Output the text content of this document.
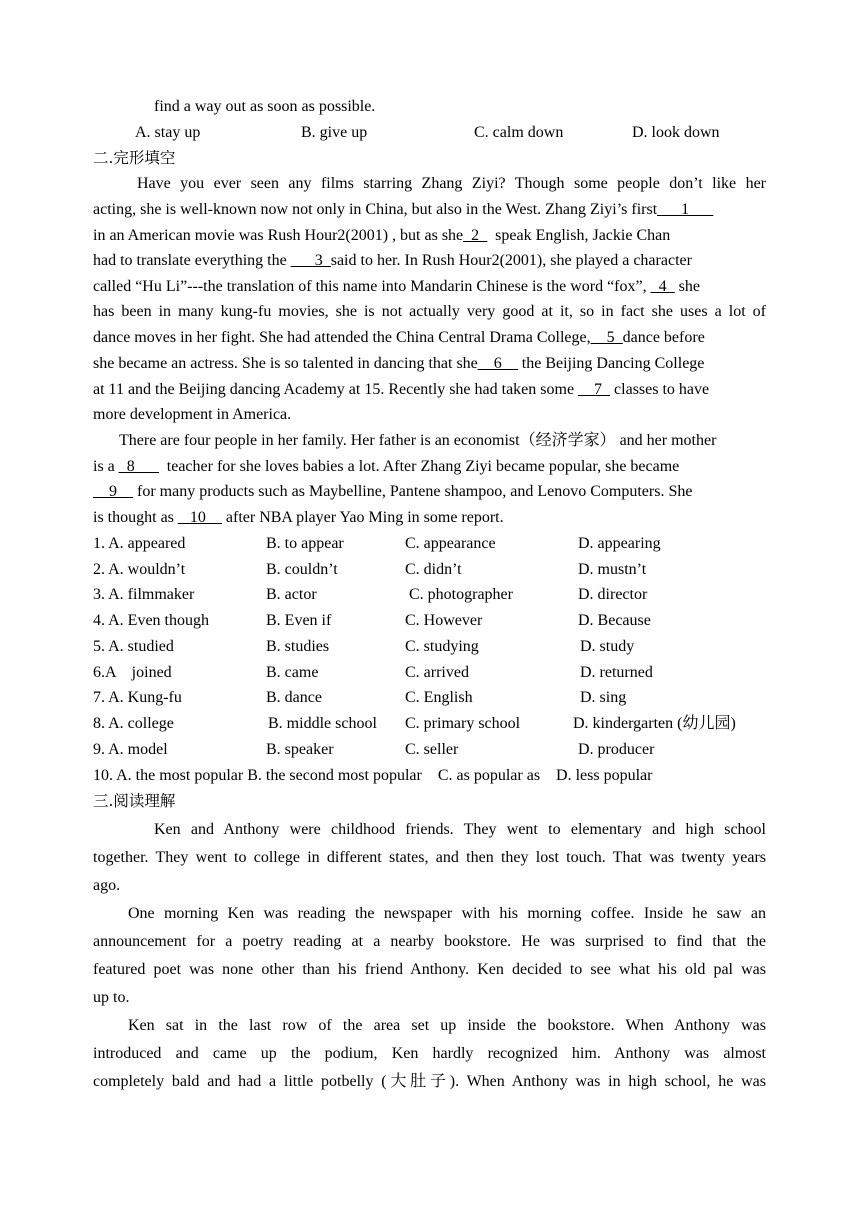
find a way out as soon as possible.
A. stay up	B. give up	C. calm down	D. look down
二.完形填空
Have you ever seen any films starring Zhang Ziyi? Though some people don’t like her
acting, she is well-known now not only in China, but also in the West. Zhang Ziyi’s first___1___
in an American movie was Rush Hour2(2001) , but as she_2_ speak English, Jackie Chan
had to translate everything the ___3_said to her. In Rush Hour2(2001), she played a character
called “Hu Li”---the translation of this name into Mandarin Chinese is the word “fox”, _4_ she
has been in many kung-fu movies, she is not actually very good at it, so in fact she uses a lot of
dance moves in her fight. She had attended the China Central Drama College,__5_dance before
she became an actress. She is so talented in dancing that she__6__ the Beijing Dancing College
at 11 and the Beijing dancing Academy at 15. Recently she had taken some __7_ classes to have
more development in America.
There are four people in her family. Her father is an economist（经济学家） and her mother
is a _8___ teacher for she loves babies a lot. After Zhang Ziyi became popular, she became
__9__ for many products such as Maybelline, Pantene shampoo, and Lenovo Computers. She
is thought as _ 10__ after NBA player Yao Ming in some report.
1. A. appeared	B. to appear	C. appearance	D. appearing
2. A. wouldn’t	B. couldn’t	C. didn’t	D. mustn’t
3. A. filmmaker	B. actor	C. photographer	D. director
4. A. Even though	B. Even if	C. However	D. Because
5. A. studied	B. studies	C. studying	D. study
6.A    joined	B. came	C. arrived	D. returned
7. A. Kung-fu	B. dance	C. English	D. sing
8. A. college	B. middle school C. primary school	D. kindergarten (幼儿园)
9. A. model	B. speaker	C. seller	D. producer
10. A. the most popular B. the second most popular    C. as popular as    D. less popular
三.阅读理解
Ken and Anthony were childhood friends. They went to elementary and high school
together. They went to college in different states, and then they lost touch. That was twenty years
ago.
One morning Ken was reading the newspaper with his morning coffee. Inside he saw an
announcement for a poetry reading at a nearby bookstore. He was surprised to find that the
featured poet was none other than his friend Anthony. Ken decided to see what his old pal was
up to.
Ken sat in the last row of the area set up inside the bookstore. When Anthony was
introduced and came up the podium, Ken hardly recognized him. Anthony was almost
completely bald and had a little potbelly (大肚子). When Anthony was in high school, he was
